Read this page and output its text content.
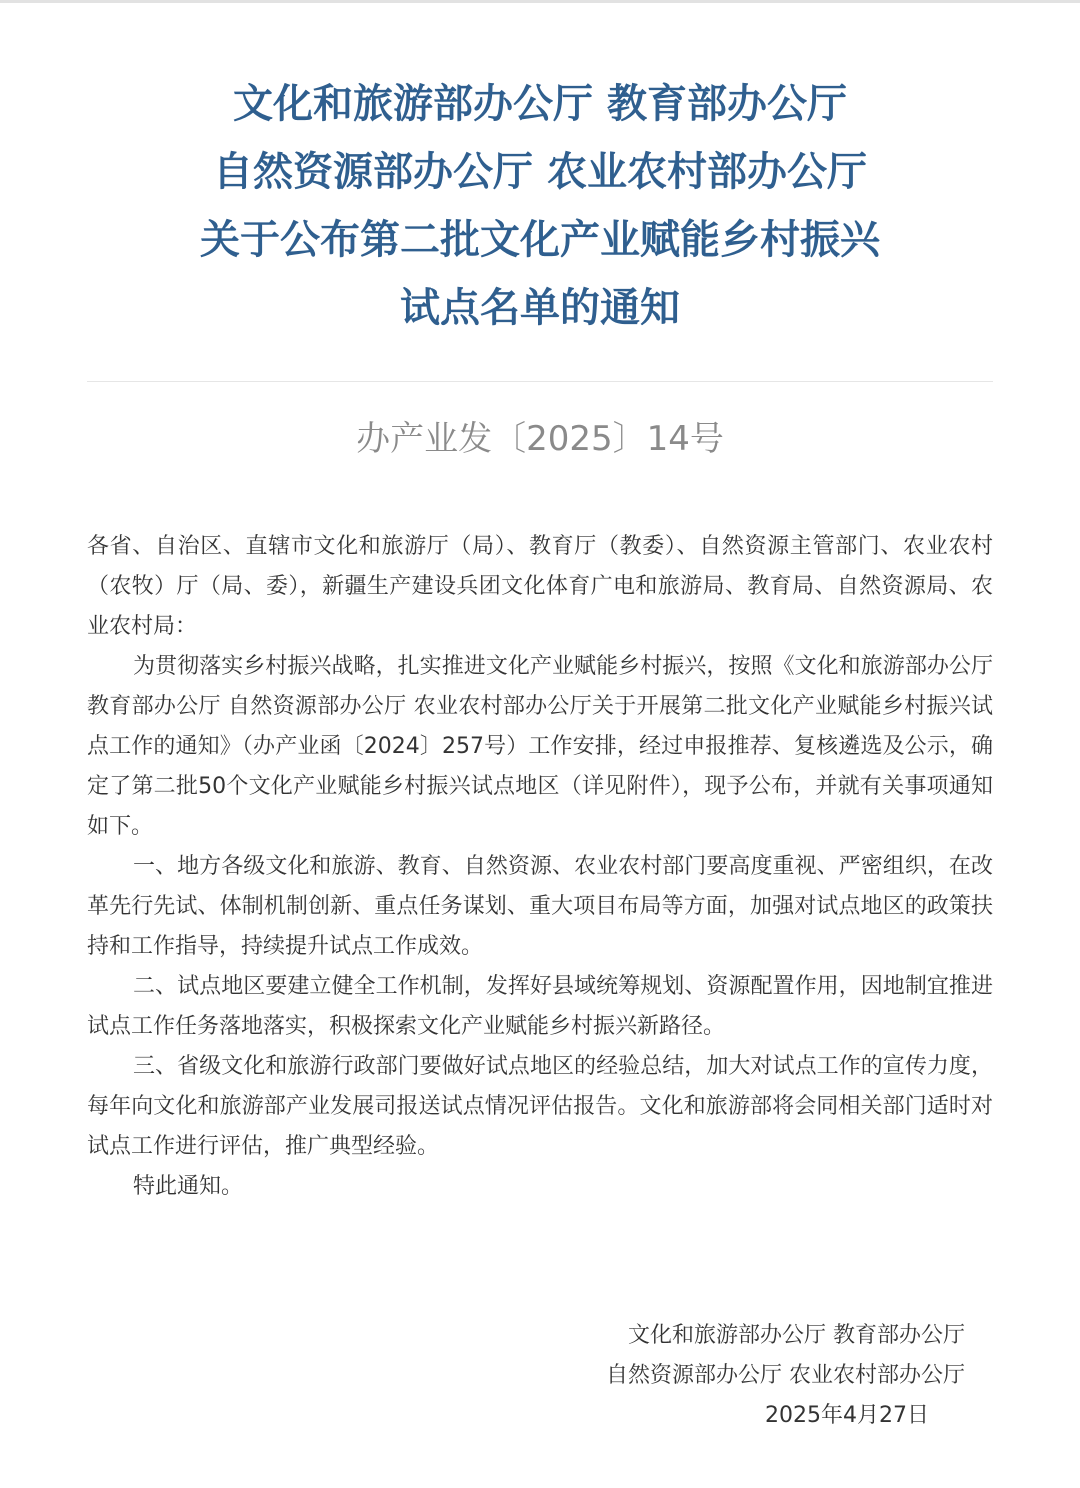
文化和旅游部办公厅 教育部办公厅
自然资源部办公厅 农业农村部办公厅
关于公布第二批文化产业赋能乡村振兴
试点名单的通知
办产业发〔2025〕14号

各省、自治区、直辖市文化和旅游厅（局）、教育厅（教委）、自然资源主管部门、农业农村（农牧）厅（局、委），新疆生产建设兵团文化体育广电和旅游局、教育局、自然资源局、农业农村局：

为贯彻落实乡村振兴战略，扎实推进文化产业赋能乡村振兴，按照《文化和旅游部办公厅 教育部办公厅 自然资源部办公厅 农业农村部办公厅关于开展第二批文化产业赋能乡村振兴试点工作的通知》（办产业函〔2024〕257号）工作安排，经过申报推荐、复核遴选及公示，确定了第二批50个文化产业赋能乡村振兴试点地区（详见附件），现予公布，并就有关事项通知如下。

一、地方各级文化和旅游、教育、自然资源、农业农村部门要高度重视、严密组织，在改革先行先试、体制机制创新、重点任务谋划、重大项目布局等方面，加强对试点地区的政策扶持和工作指导，持续提升试点工作成效。

二、试点地区要建立健全工作机制，发挥好县域统筹规划、资源配置作用，因地制宜推进试点工作任务落地落实，积极探索文化产业赋能乡村振兴新路径。

三、省级文化和旅游行政部门要做好试点地区的经验总结，加大对试点工作的宣传力度，每年向文化和旅游部产业发展司报送试点情况评估报告。文化和旅游部将会同相关部门适时对试点工作进行评估，推广典型经验。

特此通知。

文化和旅游部办公厅 教育部办公厅
自然资源部办公厅 农业农村部办公厅
2025年4月27日
